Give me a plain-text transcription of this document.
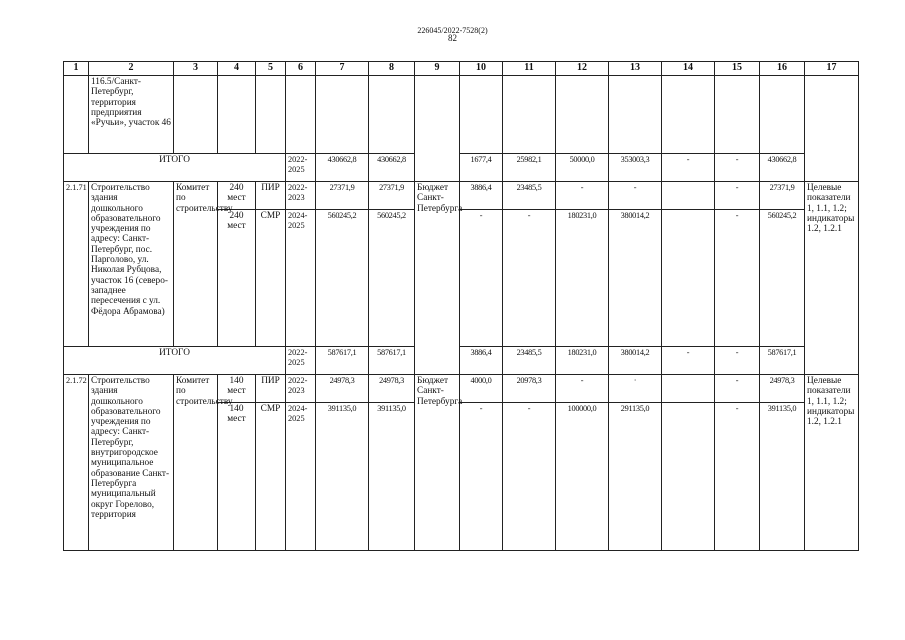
226045/2022-7528(2)
82
1	2	3	4	5	6	7	8	9	10	11	12	13	14	15	16	17
	116.5/Санкт-Петербург, территория предприятия «Ручьи», участок 46															
ИТОГО					2022-2025	430662,8	430662,8		1677,4	25982,1	50000,0	353003,3	-	-	430662,8	
2.1.71	Строительство здания дошкольного образовательного учреждения по адресу: Санкт-Петербург, пос. Парголово, ул. Николая Рубцова, участок 16 (северо-западнее пересечения с ул. Фёдора Абрамова)	Комитет по строительству	240 мест	ПИР	2022-2023	27371,9	27371,9	Бюджет Санкт-Петербурга	3886,4	23485,5	-	-		-	27371,9	Целевые показатели 1, 1.1, 1.2; индикаторы 1.2, 1.2.1
			240 мест	СМР	2024-2025	560245,2	560245,2		-	-	180231,0	380014,2		-	560245,2	
ИТОГО					2022-2025	587617,1	587617,1		3886,4	23485,5	180231,0	380014,2	-	-	587617,1	
2.1.72	Строительство здания дошкольного образовательного учреждения по адресу: Санкт-Петербург, внутригородское муниципальное образование Санкт-Петербурга муниципальный округ Горелово, территория	Комитет по строительству	140 мест	ПИР	2022-2023	24978,3	24978,3	Бюджет Санкт-Петербурга	4000,0	20978,3	-	·		-	24978,3	Целевые показатели 1, 1.1, 1.2; индикаторы 1.2, 1.2.1
			140 мест	СМР	2024-2025	391135,0	391135,0		-	-	100000,0	291135,0		-	391135,0	
